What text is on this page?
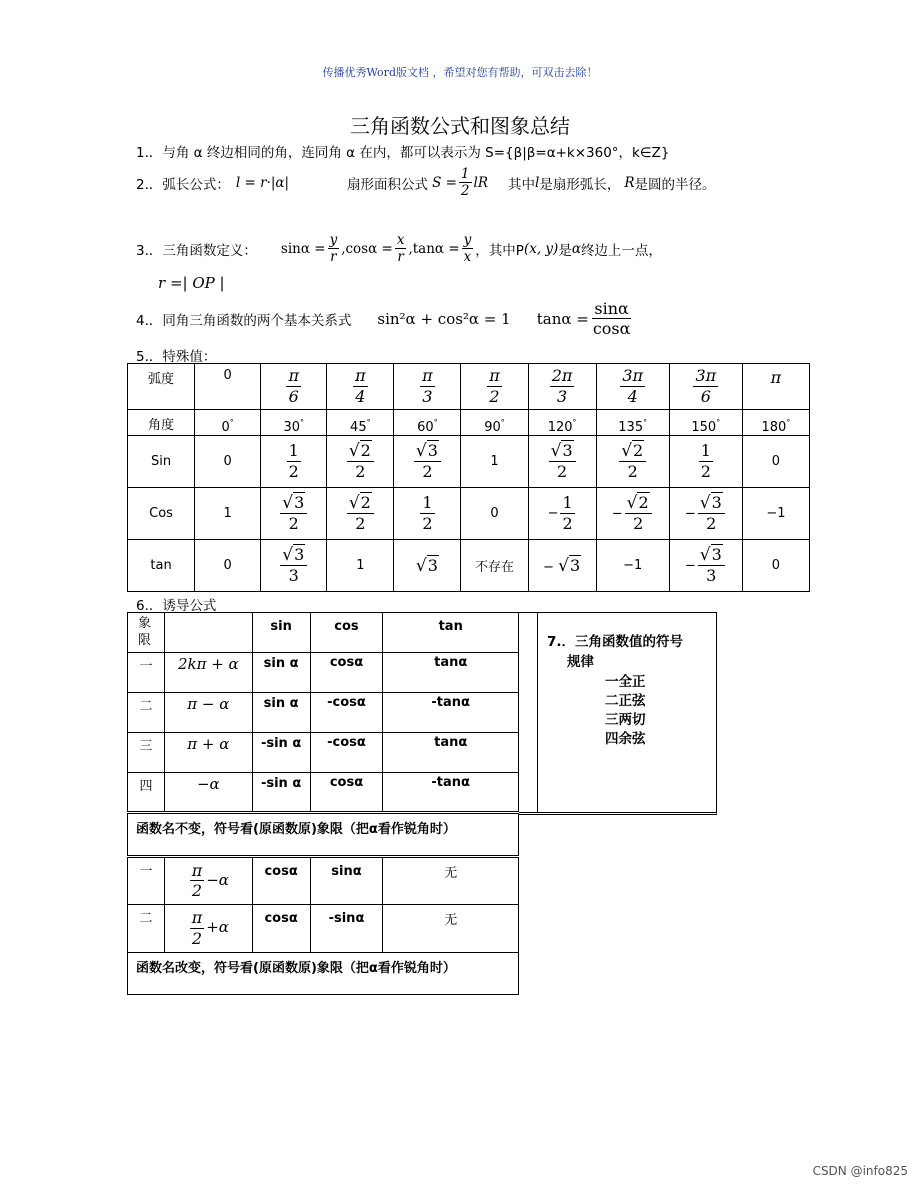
传播优秀Word版文档 ，希望对您有帮助，可双击去除！
三角函数公式和图象总结
1.．与角 α 终边相同的角，连同角 α 在内，都可以表示为 S={β|β=α+k×360°，k∈Z}
2.．弧长公式： l = r·|α|	扇形面积公式 $S = \frac{1}{2}$ lR 其中 l 是扇形弧长， R 是圆的半径。
3.．三角函数定义： $\sin\alpha = \frac{y}{r} ,\cos\alpha = \frac{x}{r} ,\tan\alpha = \frac{y}{x}$ ，其中P (x, y) 是 α 终边上一点，
r =| OP |
4.．同角三角函数的两个基本关系式 sin²α + cos²α = 1 $\tan\alpha = \frac{\sin\alpha}{\cos\alpha}$
5.．特殊值：
弧度	0	$\frac{\pi}{6}$	$\frac{\pi}{4}$	$\frac{\pi}{3}$	$\frac{\pi}{2}$	$\frac{2\pi}{3}$	$\frac{3\pi}{4}$	$\frac{3\pi}{6}$	π
角度	0°	30°	45°	60°	90°	120°	135°	150°	180°
Sin	0	$\frac{1}{2}$	$\frac{√2}{2}$	$\frac{√3}{2}$	1	$\frac{√3}{2}$	$\frac{√2}{2}$	$\frac{1}{2}$	0
Cos	1	$\frac{√3}{2}$	$\frac{√2}{2}$	$\frac{1}{2}$	0	− $\frac{1}{2}$	− $\frac{√2}{2}$	− $\frac{√3}{2}$	−1
tan	0	$\frac{√3}{3}$	1	√3	不存在	− √3	−1	− $\frac{√3}{3}$	0
6.．诱导公式
象限		sin	cos	tan
一	2kπ + α	sin α	cosα	tanα
二	π − α	sin α	-cosα	-tanα
三	π + α	-sin α	-cosα	tanα
四	−α	-sin α	cosα	-tanα
函数名不变，符号看(原函数原)象限（把α看作锐角时）				
一	$\frac{\pi}{2} -\alpha$	cosα	sinα	无
二	$\frac{\pi}{2} +\alpha$	cosα	-sinα	无
函数名改变，符号看(原函数原)象限（把α看作锐角时）				
7.．三角函数值的符号
规律
一全正
二正弦
三两切
四余弦
CSDN @info825
